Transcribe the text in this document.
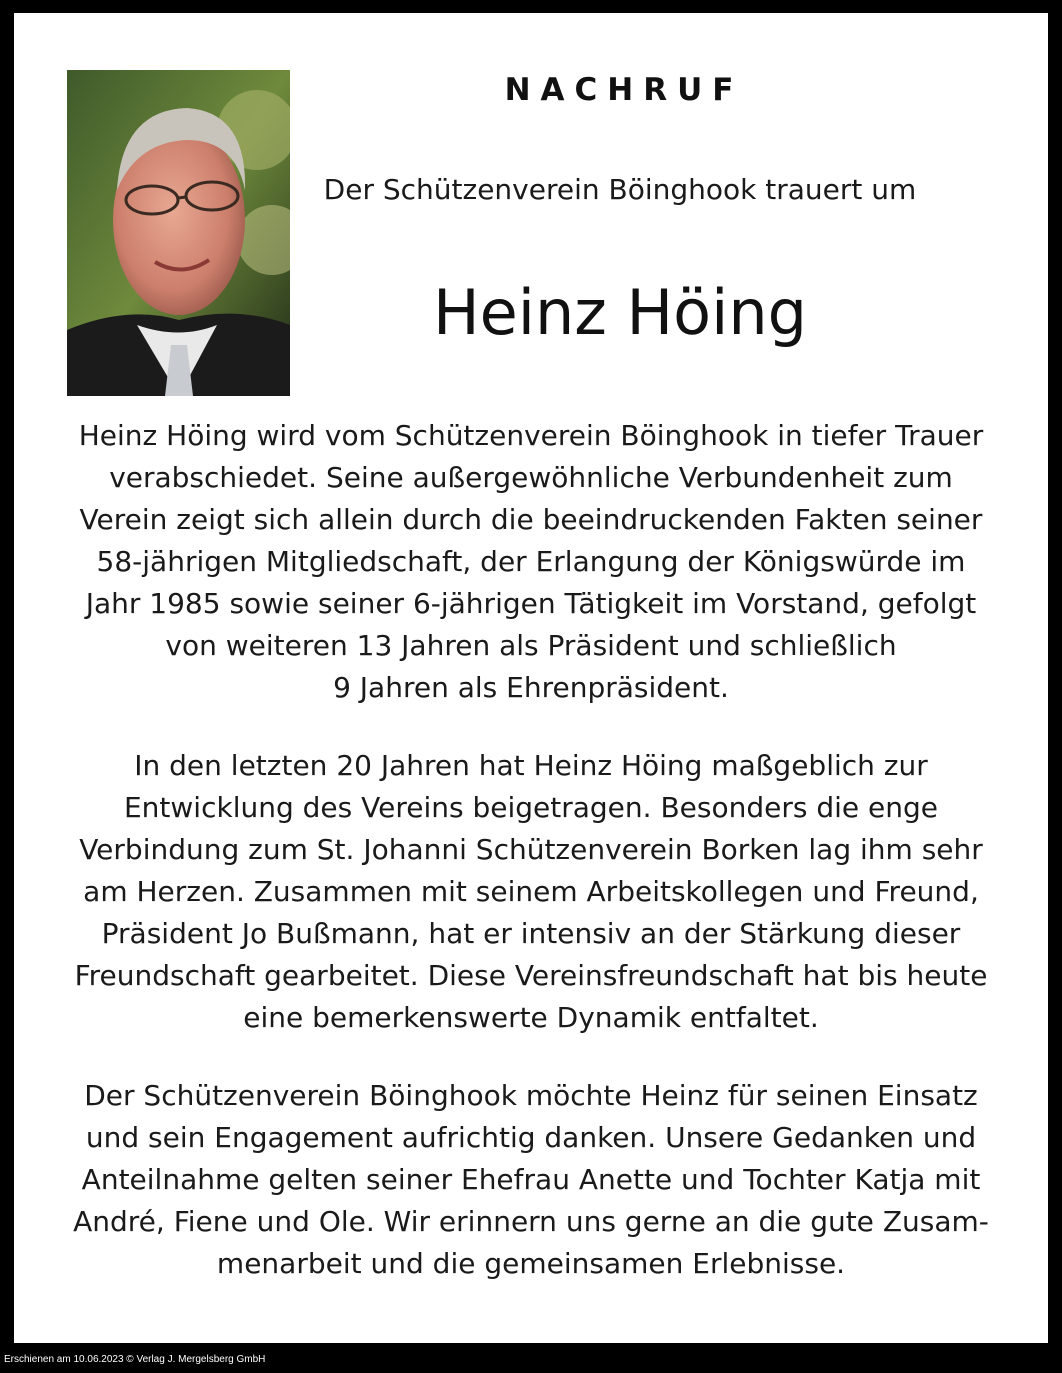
NACHRUF
Der Schützenverein Böinghook trauert um
Heinz Höing
Heinz Höing wird vom Schützenverein Böinghook in tiefer Trauer
verabschiedet. Seine außergewöhnliche Verbundenheit zum
Verein zeigt sich allein durch die beeindruckenden Fakten seiner
58-jährigen Mitgliedschaft, der Erlangung der Königswürde im
Jahr 1985 sowie seiner 6-jährigen Tätigkeit im Vorstand, gefolgt
von weiteren 13 Jahren als Präsident und schließlich
9 Jahren als Ehrenpräsident.
In den letzten 20 Jahren hat Heinz Höing maßgeblich zur
Entwicklung des Vereins beigetragen. Besonders die enge
Verbindung zum St. Johanni Schützenverein Borken lag ihm sehr
am Herzen. Zusammen mit seinem Arbeitskollegen und Freund,
Präsident Jo Bußmann, hat er intensiv an der Stärkung dieser
Freundschaft gearbeitet. Diese Vereinsfreundschaft hat bis heute
eine bemerkenswerte Dynamik entfaltet.
Der Schützenverein Böinghook möchte Heinz für seinen Einsatz
und sein Engagement aufrichtig danken. Unsere Gedanken und
Anteilnahme gelten seiner Ehefrau Anette und Tochter Katja mit
André, Fiene und Ole. Wir erinnern uns gerne an die gute Zusam-
menarbeit und die gemeinsamen Erlebnisse.
Erschienen am 10.06.2023 © Verlag J. Mergelsberg GmbH
